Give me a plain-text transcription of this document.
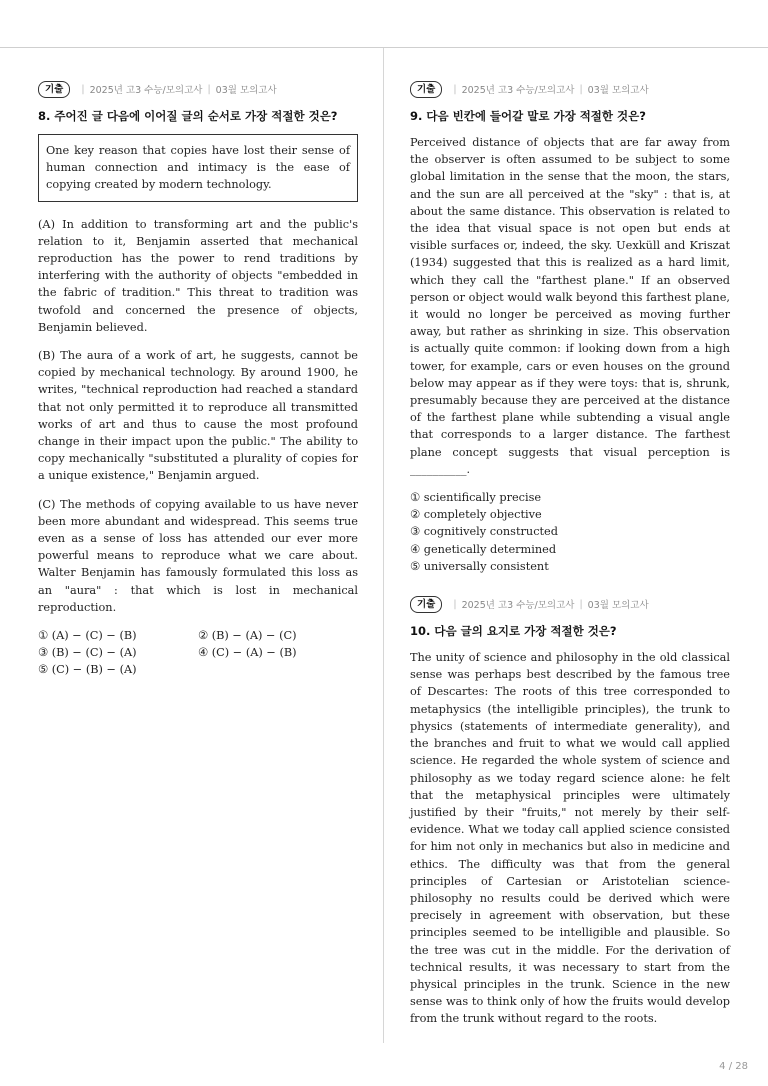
기출	| 2025년 고3 수능/모의고사 | 03월 모의고사
8. 주어진 글 다음에 이어질 글의 순서로 가장 적절한 것은?

One key reason that copies have lost their sense of human connection and intimacy is the ease of copying created by modern technology.

(A) In addition to transforming art and the public's relation to it, Benjamin asserted that mechanical reproduction has the power to rend traditions by interfering with the authority of objects "embedded in the fabric of tradition." This threat to tradition was twofold and concerned the presence of objects, Benjamin believed.

(B) The aura of a work of art, he suggests, cannot be copied by mechanical technology. By around 1900, he writes, "technical reproduction had reached a standard that not only permitted it to reproduce all transmitted works of art and thus to cause the most profound change in their impact upon the public." The ability to copy mechanically "substituted a plurality of copies for a unique existence," Benjamin argued.

(C) The methods of copying available to us have never been more abundant and widespread. This seems true even as a sense of loss has attended our ever more powerful means to reproduce what we care about. Walter Benjamin has famously formulated this loss as an "aura" : that which is lost in mechanical reproduction.

① (A) − (C) − (B)	② (B) − (A) − (C)
③ (B) − (C) − (A)	④ (C) − (A) − (B)
⑤ (C) − (B) − (A)
기출	| 2025년 고3 수능/모의고사 | 03월 모의고사
9. 다음 빈칸에 들어갈 말로 가장 적절한 것은?

Perceived distance of objects that are far away from the observer is often assumed to be subject to some global limitation in the sense that the moon, the stars, and the sun are all perceived at the "sky" : that is, at about the same distance. This observation is related to the idea that visual space is not open but ends at visible surfaces or, indeed, the sky. Uexküll and Kriszat (1934) suggested that this is realized as a hard limit, which they call the "farthest plane." If an observed person or object would walk beyond this farthest plane, it would no longer be perceived as moving further away, but rather as shrinking in size. This observation is actually quite common: if looking down from a high tower, for example, cars or even houses on the ground below may appear as if they were toys: that is, shrunk, presumably because they are perceived at the distance of the farthest plane while subtending a visual angle that corresponds to a larger distance. The farthest plane concept suggests that visual perception is __________.

① scientifically precise
② completely objective
③ cognitively constructed
④ genetically determined
⑤ universally consistent
기출	| 2025년 고3 수능/모의고사 | 03월 모의고사
10. 다음 글의 요지로 가장 적절한 것은?

The unity of science and philosophy in the old classical sense was perhaps best described by the famous tree of Descartes: The roots of this tree corresponded to metaphysics (the intelligible principles), the trunk to physics (statements of intermediate generality), and the branches and fruit to what we would call applied science. He regarded the whole system of science and philosophy as we today regard science alone: he felt that the metaphysical principles were ultimately justified by their "fruits," not merely by their self-evidence. What we today call applied science consisted for him not only in mechanics but also in medicine and ethics. The difficulty was that from the general principles of Cartesian or Aristotelian science-philosophy no results could be derived which were precisely in agreement with observation, but these principles seemed to be intelligible and plausible. So the tree was cut in the middle. For the derivation of technical results, it was necessary to start from the physical principles in the trunk. Science in the new sense was to think only of how the fruits would develop from the trunk without regard to the roots.

4 / 28
